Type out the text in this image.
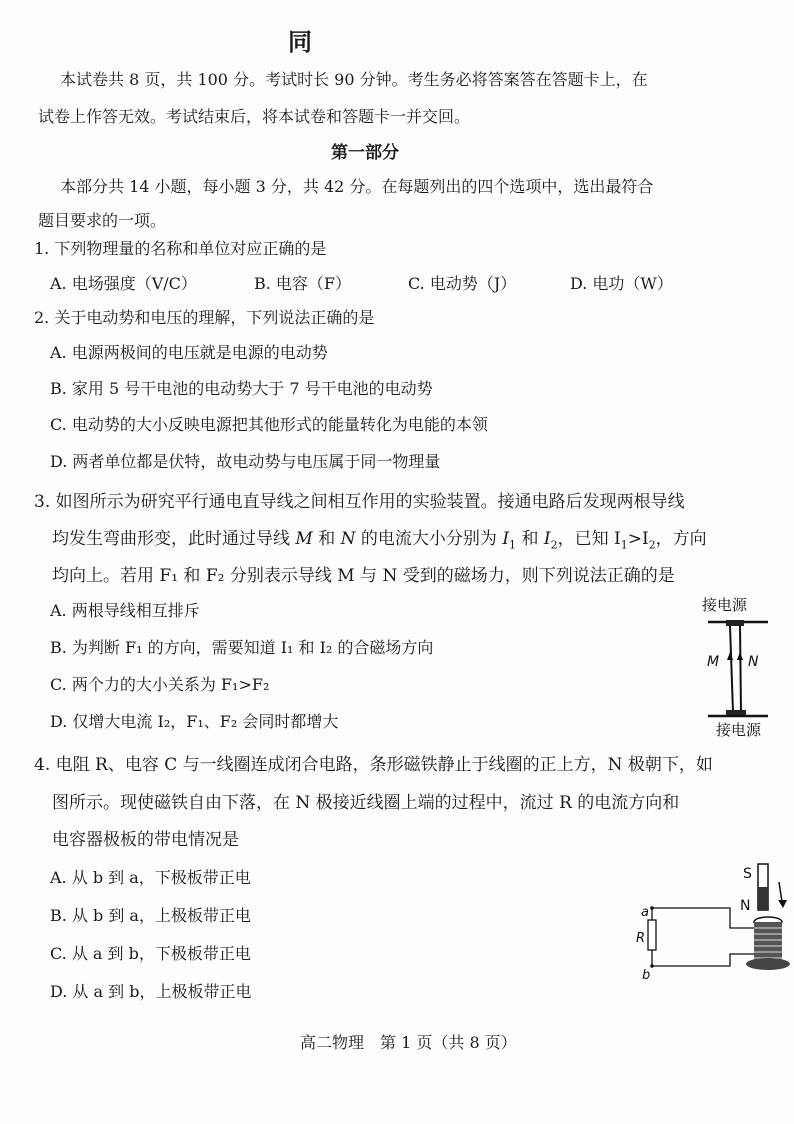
同
本试卷共 8 页，共 100 分。考试时长 90 分钟。考生务必将答案答在答题卡上，在
试卷上作答无效。考试结束后，将本试卷和答题卡一并交回。
第一部分
本部分共 14 小题，每小题 3 分，共 42 分。在每题列出的四个选项中，选出最符合
题目要求的一项。
1. 下列物理量的名称和单位对应正确的是
A. 电场强度（V/C）	B. 电容（F）	C. 电动势（J）	D. 电功（W）
2. 关于电动势和电压的理解，下列说法正确的是
A. 电源两极间的电压就是电源的电动势
B. 家用 5 号干电池的电动势大于 7 号干电池的电动势
C. 电动势的大小反映电源把其他形式的能量转化为电能的本领
D. 两者单位都是伏特，故电动势与电压属于同一物理量
3. 如图所示为研究平行通电直导线之间相互作用的实验装置。接通电路后发现两根导线
均发生弯曲形变，此时通过导线 M 和 N 的电流大小分别为 $I_1$ 和 $I_2$，已知 $I_1>I_2$，方向
均向上。若用 F₁ 和 F₂ 分别表示导线 M 与 N 受到的磁场力，则下列说法正确的是
A. 两根导线相互排斥
B. 为判断 F₁ 的方向，需要知道 I₁ 和 I₂ 的合磁场方向
C. 两个力的大小关系为 F₁>F₂
D. 仅增大电流 I₂，F₁、F₂ 会同时都增大
接电源
M N
接电源
4. 电阻 R、电容 C 与一线圈连成闭合电路，条形磁铁静止于线圈的正上方，N 极朝下，如
图所示。现使磁铁自由下落，在 N 极接近线圈上端的过程中，流过 R 的电流方向和
电容器极板的带电情况是
A. 从 b 到 a，下极板带正电
B. 从 b 到 a，上极板带正电
C. 从 a 到 b，下极板带正电
D. 从 a 到 b，上极板带正电
S
N
a
R
b
高二物理　第 1 页（共 8 页）
